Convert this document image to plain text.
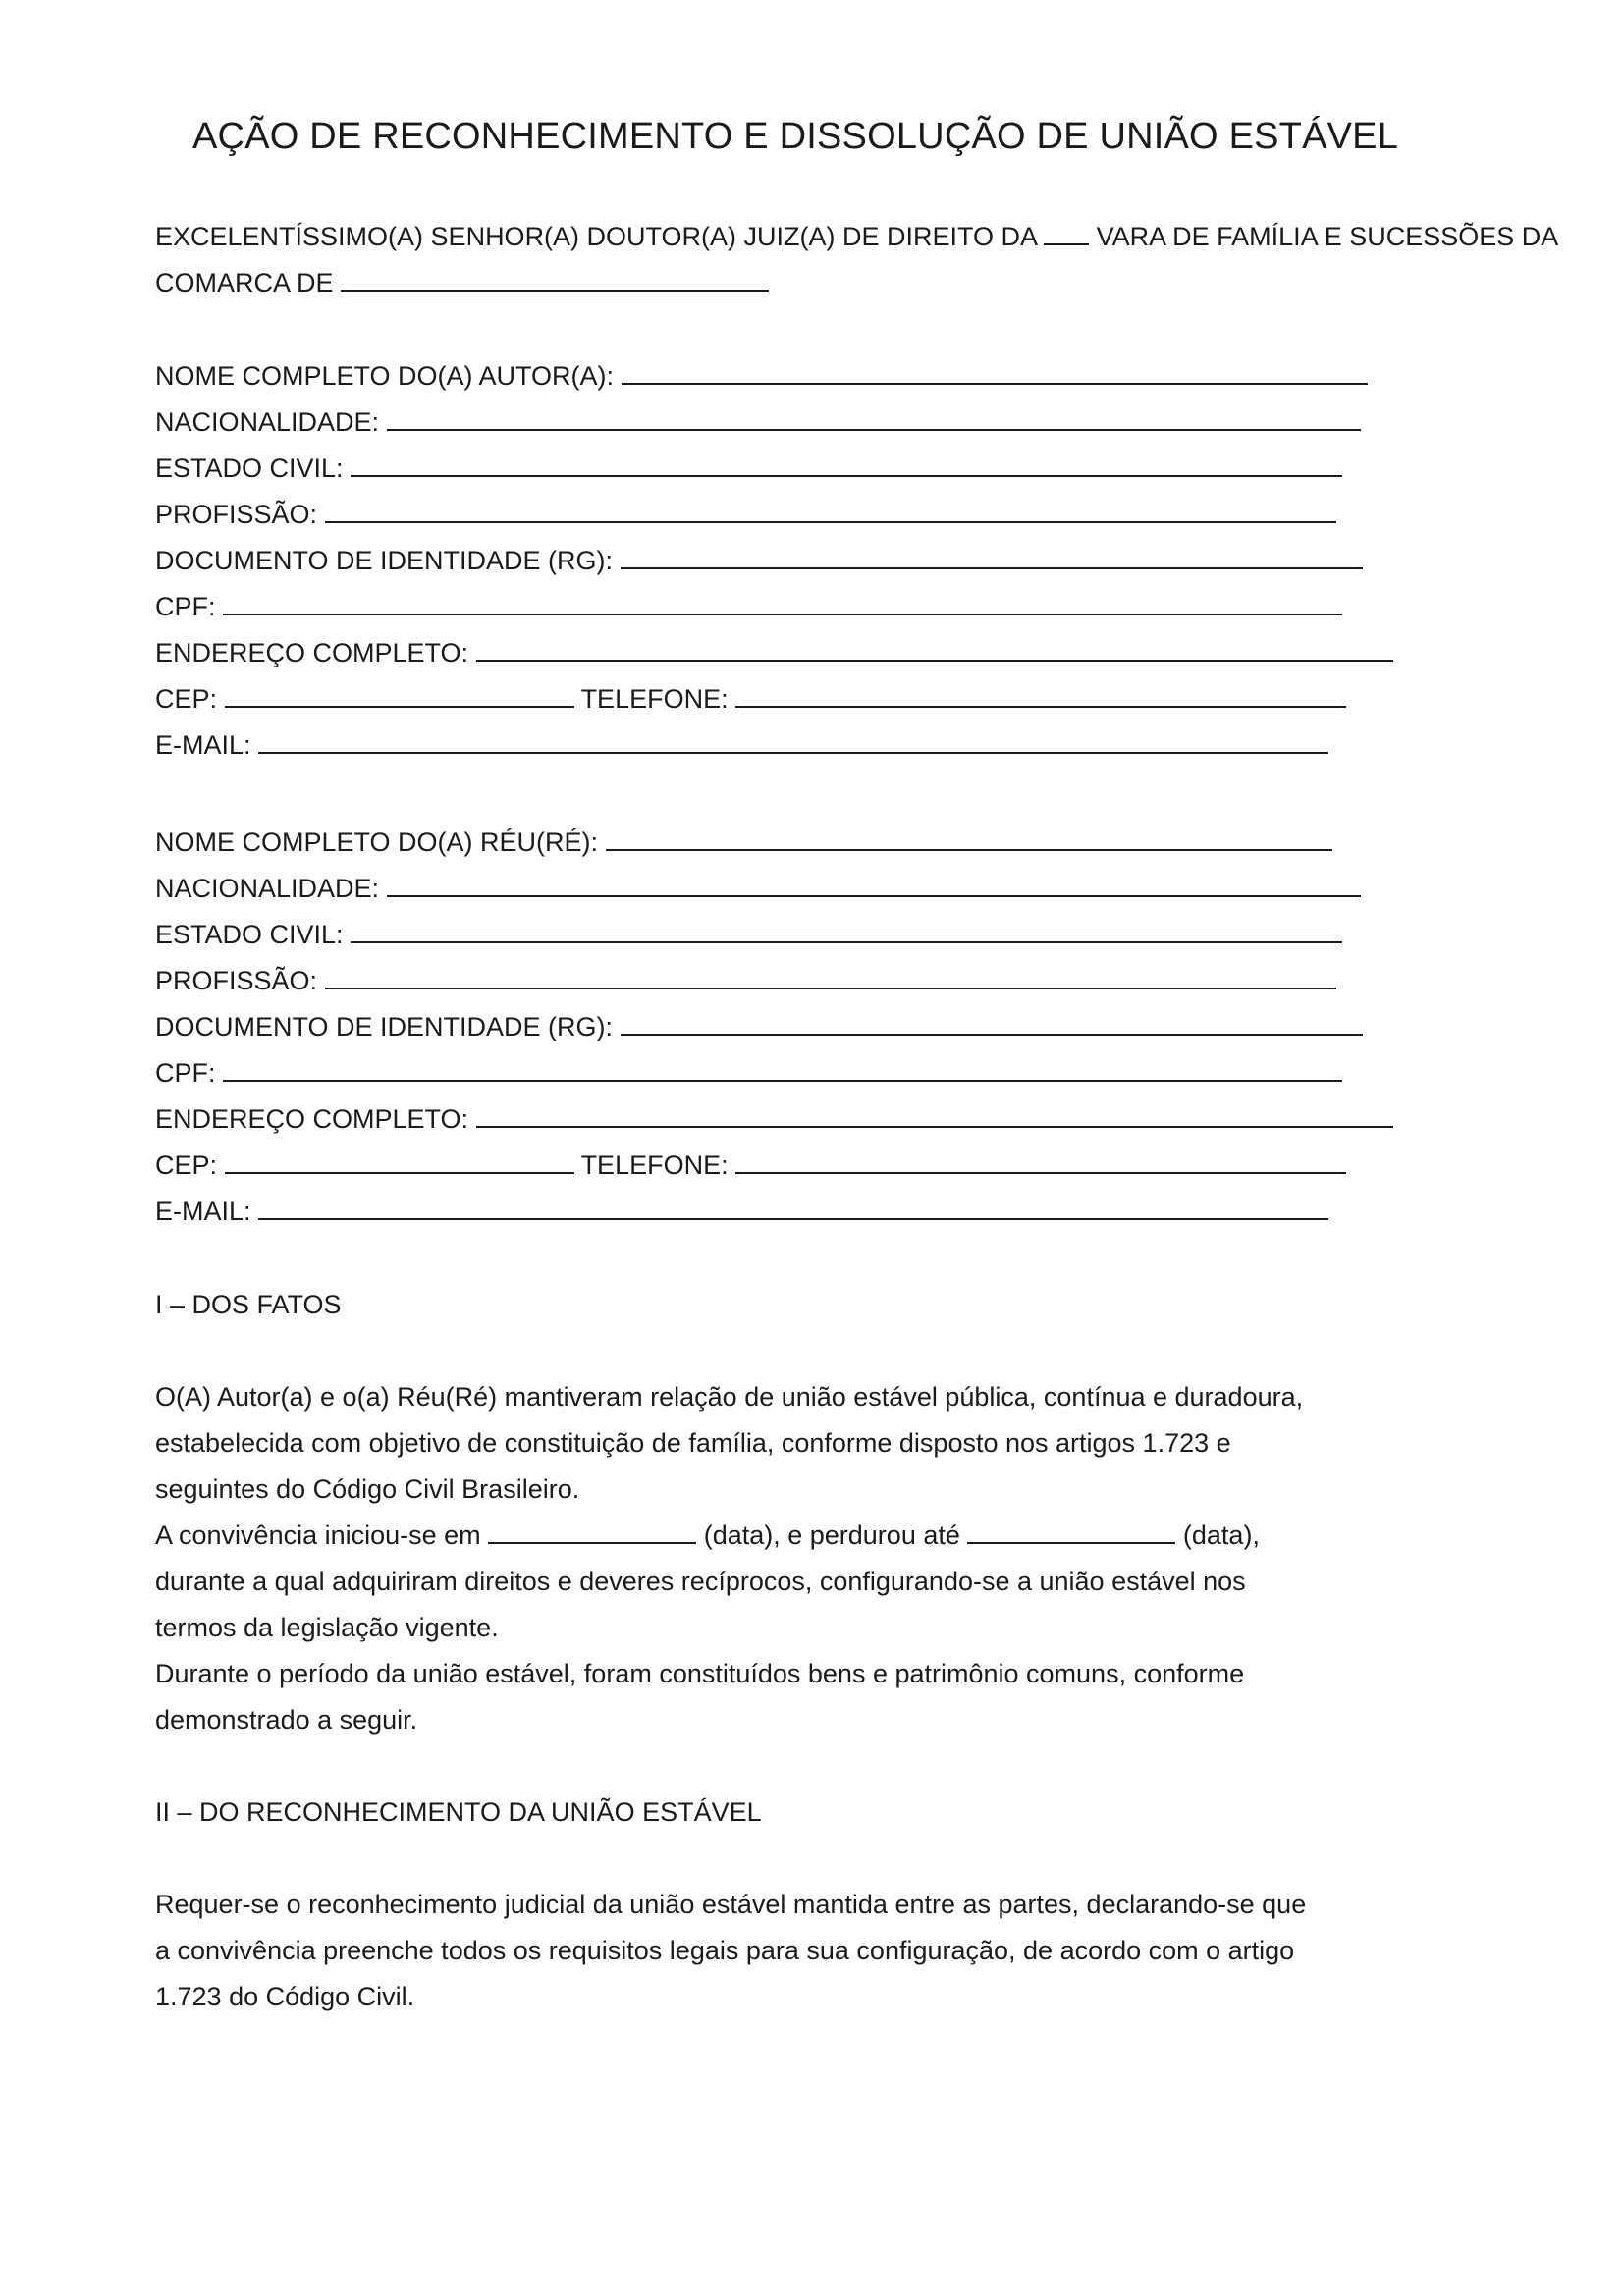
AÇÃO DE RECONHECIMENTO E DISSOLUÇÃO DE UNIÃO ESTÁVEL
EXCELENTÍSSIMO(A) SENHOR(A) DOUTOR(A) JUIZ(A) DE DIREITO DA VARA DE FAMÍLIA E SUCESSÕES DA
COMARCA DE
NOME COMPLETO DO(A) AUTOR(A):
NACIONALIDADE:
ESTADO CIVIL:
PROFISSÃO:
DOCUMENTO DE IDENTIDADE (RG):
CPF:
ENDEREÇO COMPLETO:
CEP:	TELEFONE:
E-MAIL:
NOME COMPLETO DO(A) RÉU(RÉ):
NACIONALIDADE:
ESTADO CIVIL:
PROFISSÃO:
DOCUMENTO DE IDENTIDADE (RG):
CPF:
ENDEREÇO COMPLETO:
CEP:	TELEFONE:
E-MAIL:
I – DOS FATOS
O(A) Autor(a) e o(a) Réu(Ré) mantiveram relação de união estável pública, contínua e duradoura,
estabelecida com objetivo de constituição de família, conforme disposto nos artigos 1.723 e
seguintes do Código Civil Brasileiro.
A convivência iniciou-se em	(data), e perdurou até	(data),
durante a qual adquiriram direitos e deveres recíprocos, configurando-se a união estável nos
termos da legislação vigente.
Durante o período da união estável, foram constituídos bens e patrimônio comuns, conforme
demonstrado a seguir.
II – DO RECONHECIMENTO DA UNIÃO ESTÁVEL
Requer-se o reconhecimento judicial da união estável mantida entre as partes, declarando-se que
a convivência preenche todos os requisitos legais para sua configuração, de acordo com o artigo
1.723 do Código Civil.
